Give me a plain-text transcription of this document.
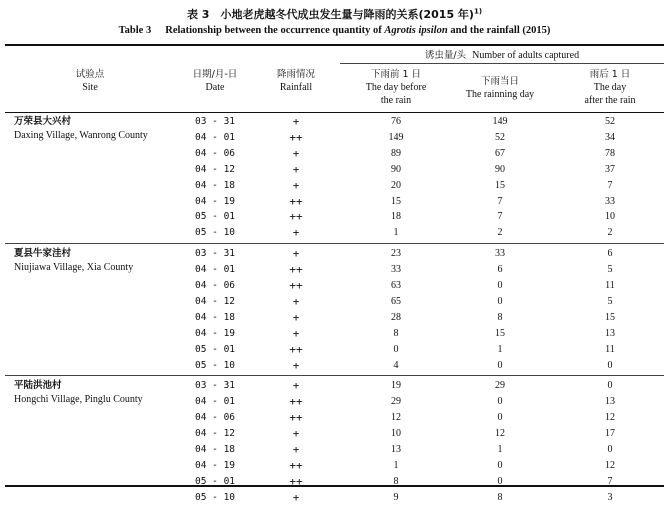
表 3　小地老虎越冬代成虫发生量与降雨的关系(2015 年)$^{1)}$
Table 3 Relationship between the occurrence quantity of Agrotis ipsilon and the rainfall (2015)
试验点
Site
日期/月-日
Date
降雨情况
Rainfall
诱虫量/头 Number of adults captured
下雨前 1 日
The day before
the rain
下雨当日
The rainning day
雨后 1 日
The day
after the rain
万荣县大兴村
Daxing Village, Wanrong County
03 - 31	+	76	149	52
04 - 01	++	149	52	34
04 - 06	+	89	67	78
04 - 12	+	90	90	37
04 - 18	+	20	15	7
04 - 19	++	15	7	33
05 - 01	++	18	7	10
05 - 10	+	1	2	2
夏县牛家洼村
Niujiawa Village, Xia County
03 - 31	+	23	33	6
04 - 01	++	33	6	5
04 - 06	++	63	0	11
04 - 12	+	65	0	5
04 - 18	+	28	8	15
04 - 19	+	8	15	13
05 - 01	++	0	1	11
05 - 10	+	4	0	0
平陆洪池村
Hongchi Village, Pinglu County
03 - 31	+	19	29	0
04 - 01	++	29	0	13
04 - 06	++	12	0	12
04 - 12	+	10	12	17
04 - 18	+	13	1	0
04 - 19	++	1	0	12
05 - 01	++	8	0	7
05 - 10	+	9	8	3
